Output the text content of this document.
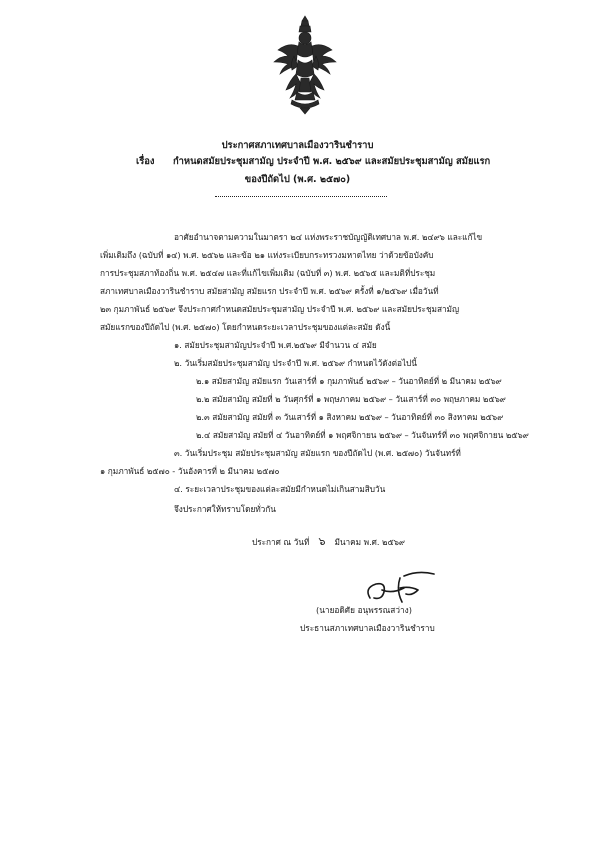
ประกาศสภาเทศบาลเมืองวารินชำราบ
เรื่อง กำหนดสมัยประชุมสามัญ ประจำปี พ.ศ. ๒๕๖๙ และสมัยประชุมสามัญ สมัยแรก
ของปีถัดไป (พ.ศ. ๒๕๗๐)
อาศัยอำนาจตามความในมาตรา ๒๔ แห่งพระราชบัญญัติเทศบาล พ.ศ. ๒๔๙๖ และแก้ไข
เพิ่มเติมถึง (ฉบับที่ ๑๔) พ.ศ. ๒๕๖๒ และข้อ ๒๑ แห่งระเบียบกระทรวงมหาดไทย ว่าด้วยข้อบังคับ
การประชุมสภาท้องถิ่น พ.ศ. ๒๕๔๗ และที่แก้ไขเพิ่มเติม (ฉบับที่ ๓) พ.ศ. ๒๕๖๕ และมติที่ประชุม
สภาเทศบาลเมืองวารินชำราบ สมัยสามัญ สมัยแรก ประจำปี พ.ศ. ๒๕๖๙ ครั้งที่ ๑/๒๕๖๙ เมื่อวันที่
๒๓ กุมภาพันธ์ ๒๕๖๙ จึงประกาศกำหนดสมัยประชุมสามัญ ประจำปี พ.ศ. ๒๕๖๙ และสมัยประชุมสามัญ
สมัยแรกของปีถัดไป (พ.ศ. ๒๕๗๐) โดยกำหนดระยะเวลาประชุมของแต่ละสมัย ดังนี้
๑. สมัยประชุมสามัญประจำปี พ.ศ.๒๕๖๙ มีจำนวน ๔ สมัย
๒. วันเริ่มสมัยประชุมสามัญ ประจำปี พ.ศ. ๒๕๖๙ กำหนดไว้ดังต่อไปนี้
๒.๑ สมัยสามัญ สมัยแรก วันเสาร์ที่ ๑ กุมภาพันธ์ ๒๕๖๙ – วันอาทิตย์ที่ ๒ มีนาคม ๒๕๖๙
๒.๒ สมัยสามัญ สมัยที่ ๒ วันศุกร์ที่ ๑ พฤษภาคม ๒๕๖๙ – วันเสาร์ที่ ๓๐ พฤษภาคม ๒๕๖๙
๒.๓ สมัยสามัญ สมัยที่ ๓ วันเสาร์ที่ ๑ สิงหาคม ๒๕๖๙ – วันอาทิตย์ที่ ๓๐ สิงหาคม ๒๕๖๙
๒.๔ สมัยสามัญ สมัยที่ ๔ วันอาทิตย์ที่ ๑ พฤศจิกายน ๒๕๖๙ – วันจันทร์ที่ ๓๐ พฤศจิกายน ๒๕๖๙
๓. วันเริ่มประชุม สมัยประชุมสามัญ สมัยแรก ของปีถัดไป (พ.ศ. ๒๕๗๐) วันจันทร์ที่
๑ กุมภาพันธ์ ๒๕๗๐ - วันอังคารที่ ๒ มีนาคม ๒๕๗๐
๔. ระยะเวลาประชุมของแต่ละสมัยมีกำหนดไม่เกินสามสิบวัน
จึงประกาศให้ทราบโดยทั่วกัน
ประกาศ ณ วันที่ ๖ มีนาคม พ.ศ. ๒๕๖๙
(นายอดิศัย อนุพรรณสว่าง)
ประธานสภาเทศบาลเมืองวารินชำราบ
